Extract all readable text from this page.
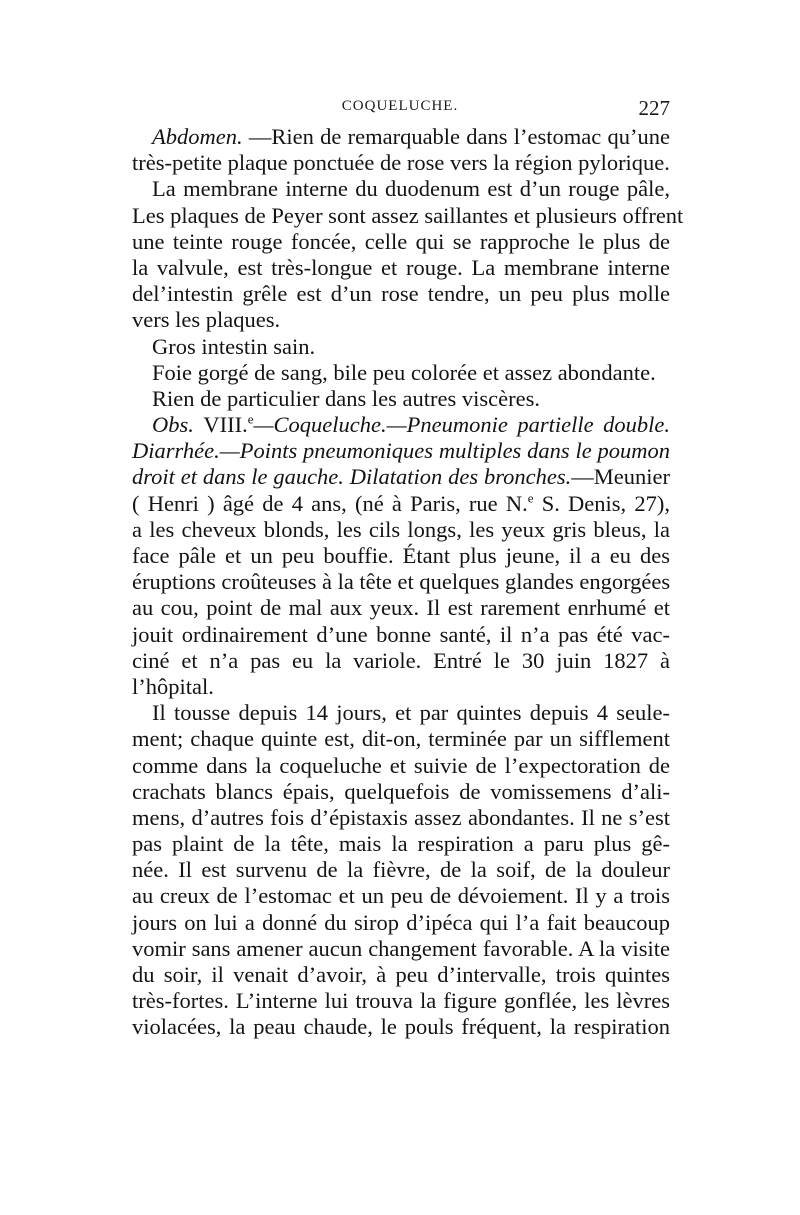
COQUELUCHE.	227
Abdomen. —Rien de remarquable dans l’estomac qu’une
très-petite plaque ponctuée de rose vers la région pylorique.
La membrane interne du duodenum est d’un rouge pâle,
Les plaques de Peyer sont assez saillantes et plusieurs offrent
une teinte rouge foncée, celle qui se rapproche le plus de
la valvule, est très-longue et rouge. La membrane interne
del’intestin grêle est d’un rose tendre, un peu plus molle
vers les plaques.
Gros intestin sain.
Foie gorgé de sang, bile peu colorée et assez abondante.
Rien de particulier dans les autres viscères.
Obs. VIII.$^e$—Coqueluche.—Pneumonie partielle double.
Diarrhée.—Points pneumoniques multiples dans le poumon
droit et dans le gauche. Dilatation des bronches.—Meunier
( Henri ) âgé de 4 ans, (né à Paris, rue N.$^e$ S. Denis, 27),
a les cheveux blonds, les cils longs, les yeux gris bleus, la
face pâle et un peu bouffie. Étant plus jeune, il a eu des
éruptions croûteuses à la tête et quelques glandes engorgées
au cou, point de mal aux yeux. Il est rarement enrhumé et
jouit ordinairement d’une bonne santé, il n’a pas été vac-
ciné et n’a pas eu la variole. Entré le 30 juin 1827 à
l’hôpital.
Il tousse depuis 14 jours, et par quintes depuis 4 seule-
ment; chaque quinte est, dit-on, terminée par un sifflement
comme dans la coqueluche et suivie de l’expectoration de
crachats blancs épais, quelquefois de vomissemens d’ali-
mens, d’autres fois d’épistaxis assez abondantes. Il ne s’est
pas plaint de la tête, mais la respiration a paru plus gê-
née. Il est survenu de la fièvre, de la soif, de la douleur
au creux de l’estomac et un peu de dévoiement. Il y a trois
jours on lui a donné du sirop d’ipéca qui l’a fait beaucoup
vomir sans amener aucun changement favorable. A la visite
du soir, il venait d’avoir, à peu d’intervalle, trois quintes
très-fortes. L’interne lui trouva la figure gonflée, les lèvres
violacées, la peau chaude, le pouls fréquent, la respiration
